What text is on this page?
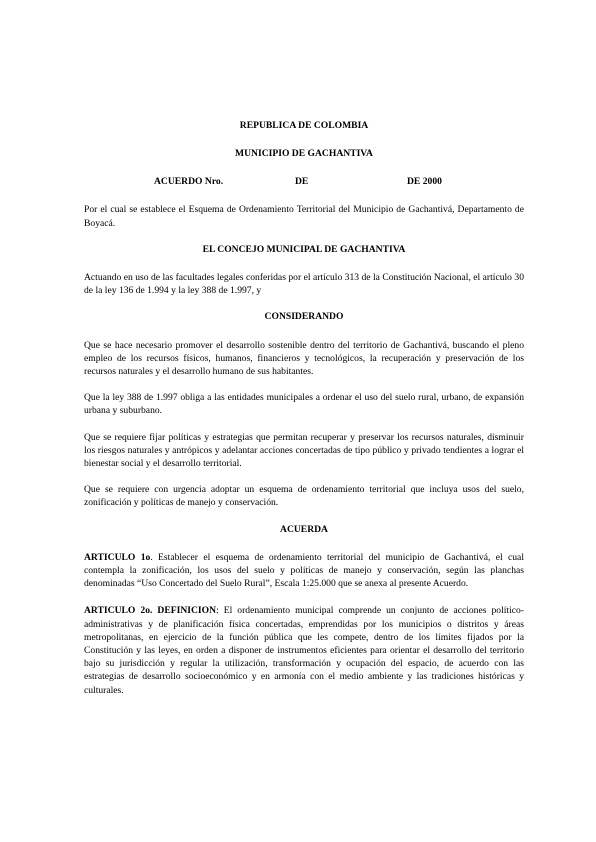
REPUBLICA DE COLOMBIA
MUNICIPIO DE GACHANTIVA
ACUERDO Nro.	DE	DE 2000
Por el cual se establece el Esquema de Ordenamiento Territorial del Municipio de Gachantivá, Departamento de Boyacá.
EL CONCEJO MUNICIPAL DE GACHANTIVA
Actuando en uso de las facultades legales conferidas por el artículo 313 de la Constitución Nacional, el artículo 30 de la ley 136 de 1.994 y la ley 388 de 1.997, y
CONSIDERANDO
Que se hace necesario promover el desarrollo sostenible dentro del territorio de Gachantivá, buscando el pleno empleo de los recursos físicos, humanos, financieros y tecnológicos, la recuperación y preservación de los recursos naturales y el desarrollo humano de sus habitantes.
Que la ley 388 de 1.997 obliga a las entidades municipales a ordenar el uso del suelo rural, urbano, de expansión urbana y suburbano.
Que se requiere fijar políticas y estrategias que permitan recuperar y preservar los recursos naturales, disminuir los riesgos naturales y antrópicos y adelantar acciones concertadas de tipo público y privado tendientes a lograr el bienestar social y el desarrollo territorial.
Que se requiere con urgencia adoptar un esquema de ordenamiento territorial que incluya usos del suelo, zonificación y políticas de manejo y conservación.
ACUERDA
ARTICULO 1o. Establecer el esquema de ordenamiento territorial del municipio de Gachantivá, el cual contempla la zonificación, los usos del suelo y políticas de manejo y conservación, según las planchas denominadas “Uso Concertado del Suelo Rural”, Escala 1:25.000 que se anexa al presente Acuerdo.
ARTICULO 2o. DEFINICION: El ordenamiento municipal comprende un conjunto de acciones político-administrativas y de planificación física concertadas, emprendidas por los municipios o distritos y áreas metropolitanas, en ejercicio de la función pública que les compete, dentro de los límites fijados por la Constitución y las leyes, en orden a disponer de instrumentos eficientes para orientar el desarrollo del territorio bajo su jurisdicción y regular la utilización, transformación y ocupación del espacio, de acuerdo con las estrategias de desarrollo socioeconómico y en armonía con el medio ambiente y las tradiciones históricas y culturales.
